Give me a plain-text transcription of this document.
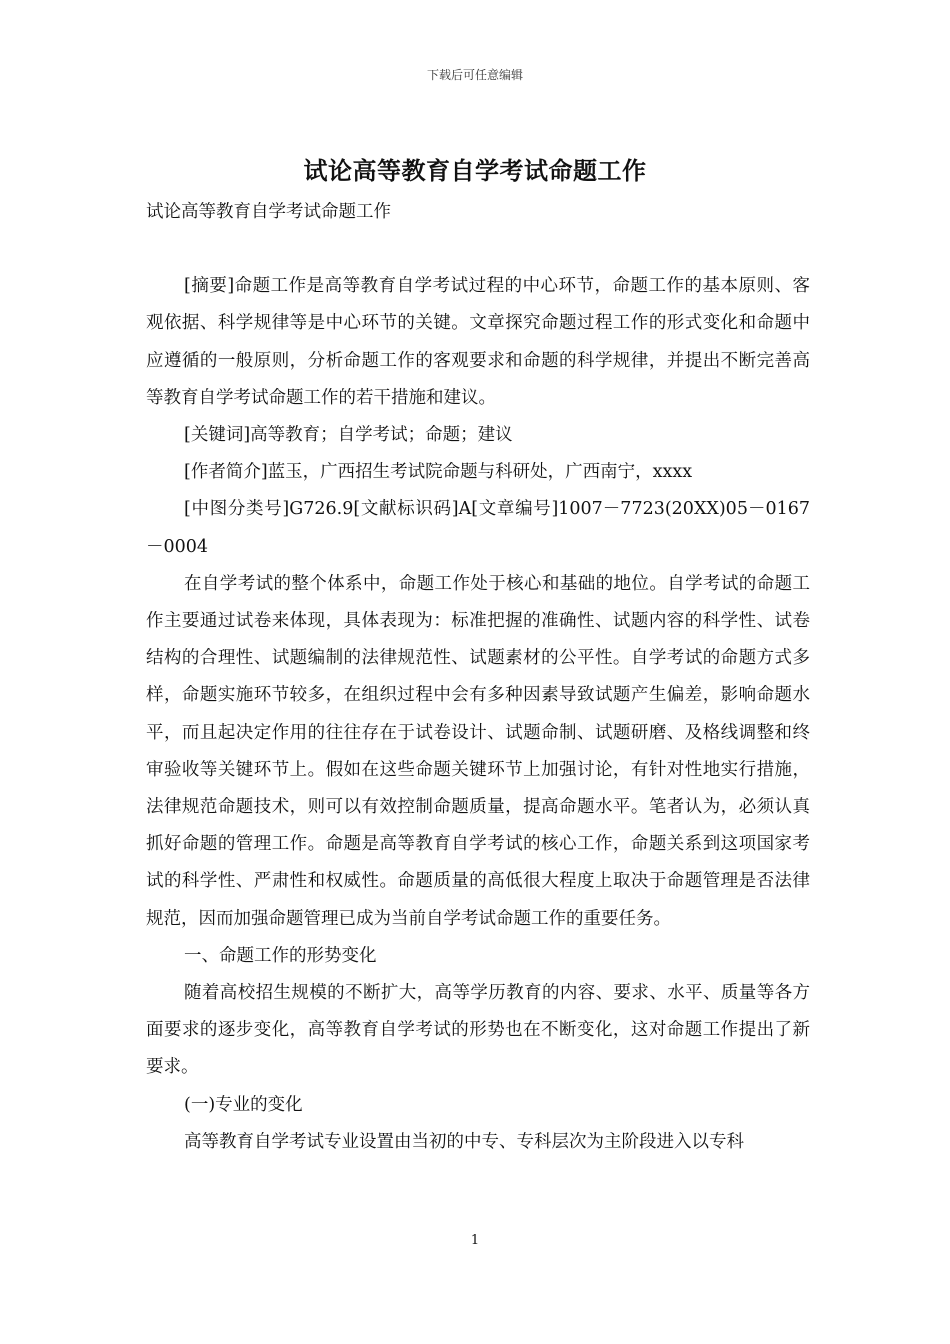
下载后可任意编辑
试论高等教育自学考试命题工作

试论高等教育自学考试命题工作

[摘要]命题工作是高等教育自学考试过程的中心环节，命题工作的基本原则、客观依据、科学规律等是中心环节的关键。文章探究命题过程工作的形式变化和命题中应遵循的一般原则，分析命题工作的客观要求和命题的科学规律，并提出不断完善高等教育自学考试命题工作的若干措施和建议。

[关键词]高等教育；自学考试；命题；建议

[作者简介]蓝玉，广西招生考试院命题与科研处，广西南宁，xxxx

[中图分类号]G726.9[文献标识码]A[文章编号]1007－7723(20XX)05－0167－0004

在自学考试的整个体系中，命题工作处于核心和基础的地位。自学考试的命题工作主要通过试卷来体现，具体表现为：标准把握的准确性、试题内容的科学性、试卷结构的合理性、试题编制的法律规范性、试题素材的公平性。自学考试的命题方式多样，命题实施环节较多，在组织过程中会有多种因素导致试题产生偏差，影响命题水平，而且起决定作用的往往存在于试卷设计、试题命制、试题研磨、及格线调整和终审验收等关键环节上。假如在这些命题关键环节上加强讨论，有针对性地实行措施，法律规范命题技术，则可以有效控制命题质量，提高命题水平。笔者认为，必须认真抓好命题的管理工作。命题是高等教育自学考试的核心工作，命题关系到这项国家考试的科学性、严肃性和权威性。命题质量的高低很大程度上取决于命题管理是否法律规范，因而加强命题管理已成为当前自学考试命题工作的重要任务。

一、命题工作的形势变化

随着高校招生规模的不断扩大，高等学历教育的内容、要求、水平、质量等各方面要求的逐步变化，高等教育自学考试的形势也在不断变化，这对命题工作提出了新要求。

(一)专业的变化

高等教育自学考试专业设置由当初的中专、专科层次为主阶段进入以专科

1
